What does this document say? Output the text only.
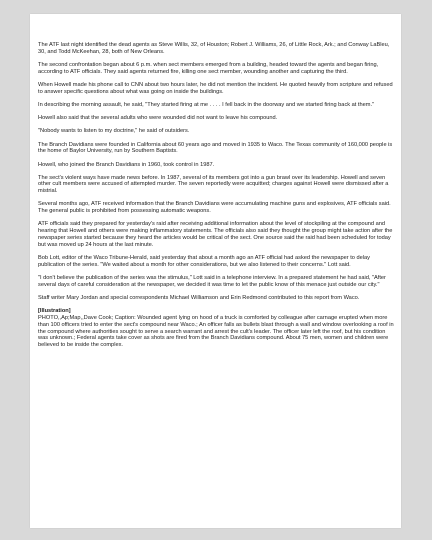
The ATF last night identified the dead agents as Steve Willis, 32, of Houston; Robert J. Williams, 26, of Little Rock, Ark.; and Conway LaBleu, 30, and Todd McKeehan, 28, both of New Orleans.

The second confrontation began about 6 p.m. when sect members emerged from a building, headed toward the agents and began firing, according to ATF officials. They said agents returned fire, killing one sect member, wounding another and capturing the third.

When Howell made his phone call to CNN about two hours later, he did not mention the incident. He quoted heavily from scripture and refused to answer specific questions about what was going on inside the buildings.

In describing the morning assault, he said, "They started firing at me . . . . I fell back in the doorway and we started firing back at them."

Howell also said that the several adults who were wounded did not want to leave his compound.

"Nobody wants to listen to my doctrine," he said of outsiders.

The Branch Davidians were founded in California about 60 years ago and moved in 1935 to Waco. The Texas community of 160,000 people is the home of Baylor University, run by Southern Baptists.

Howell, who joined the Branch Davidians in 1960, took control in 1987.

The sect's violent ways have made news before. In 1987, several of its members got into a gun brawl over its leadership. Howell and seven other cult members were accused of attempted murder. The seven reportedly were acquitted; charges against Howell were dismissed after a mistrial.

Several months ago, ATF received information that the Branch Davidians were accumulating machine guns and explosives, ATF officials said. The general public is prohibited from possessing automatic weapons.

ATF officials said they prepared for yesterday's raid after receiving additional information about the level of stockpiling at the compound and hearing that Howell and others were making inflammatory statements. The officials also said they thought the group might take action after the newspaper series started because they heard the articles would be critical of the sect. One source said the raid had been scheduled for today but was moved up 24 hours at the last minute.

Bob Lott, editor of the Waco Tribune-Herald, said yesterday that about a month ago an ATF official had asked the newspaper to delay publication of the series. "We waited about a month for other considerations, but we also listened to their concerns." Lott said.

"I don't believe the publication of the series was the stimulus," Lott said in a telephone interview. In a prepared statement he had said, "After several days of careful consideration at the newspaper, we decided it was time to let the public know of this menace just outside our city."

Staff writer Mary Jordan and special correspondents Michael Williamson and Erin Redmond contributed to this report from Waco.

[Illustration]

PHOTO,,Ap;Map,,Dave Cook; Caption: Wounded agent lying on hood of a truck is comforted by colleague after carnage erupted when more than 100 officers tried to enter the sect's compound near Waco.; An officer falls as bullets blast through a wall and window overlooking a roof in the compound where authorities sought to serve a search warrant and arrest the cult's leader. The officer later left the roof, but his condition was unknown.; Federal agents take cover as shots are fired from the Branch Davidians compound. About 75 men, women and children were believed to be inside the complex.
